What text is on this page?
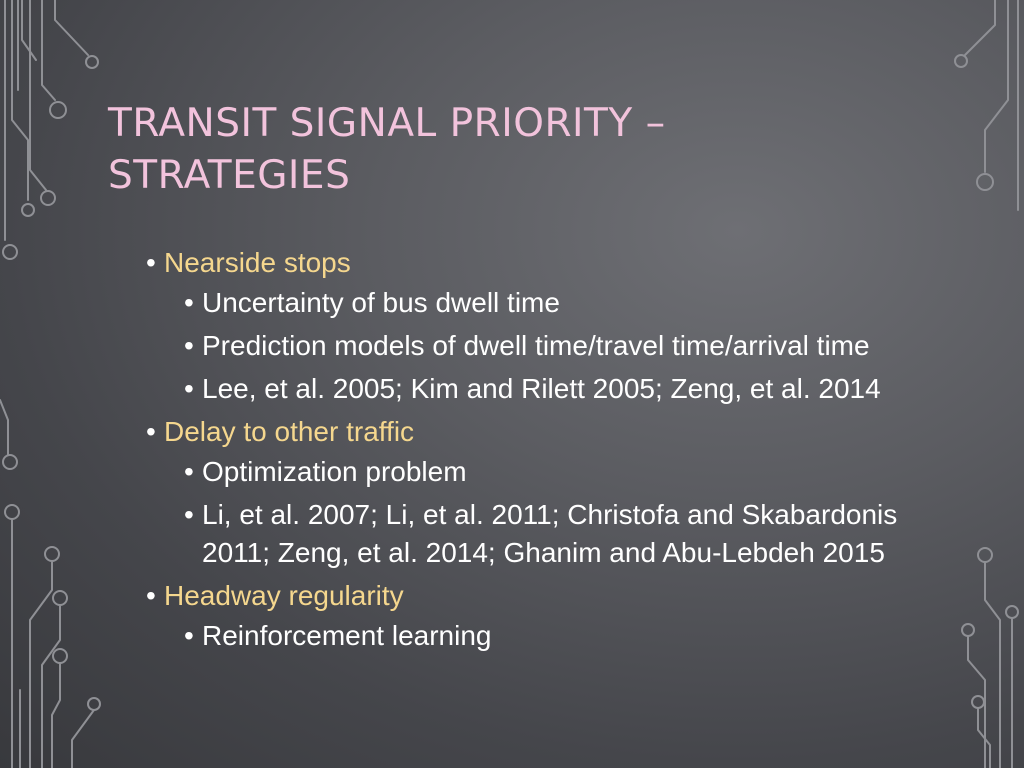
TRANSIT SIGNAL PRIORITY –
STRATEGIES
• Nearside stops
• Uncertainty of bus dwell time
• Prediction models of dwell time/travel time/arrival time
• Lee, et al. 2005; Kim and Rilett 2005; Zeng, et al. 2014
• Delay to other traffic
• Optimization problem
• Li, et al. 2007; Li, et al. 2011; Christofa and Skabardonis 2011; Zeng, et al. 2014; Ghanim and Abu-Lebdeh 2015
• Headway regularity
• Reinforcement learning
